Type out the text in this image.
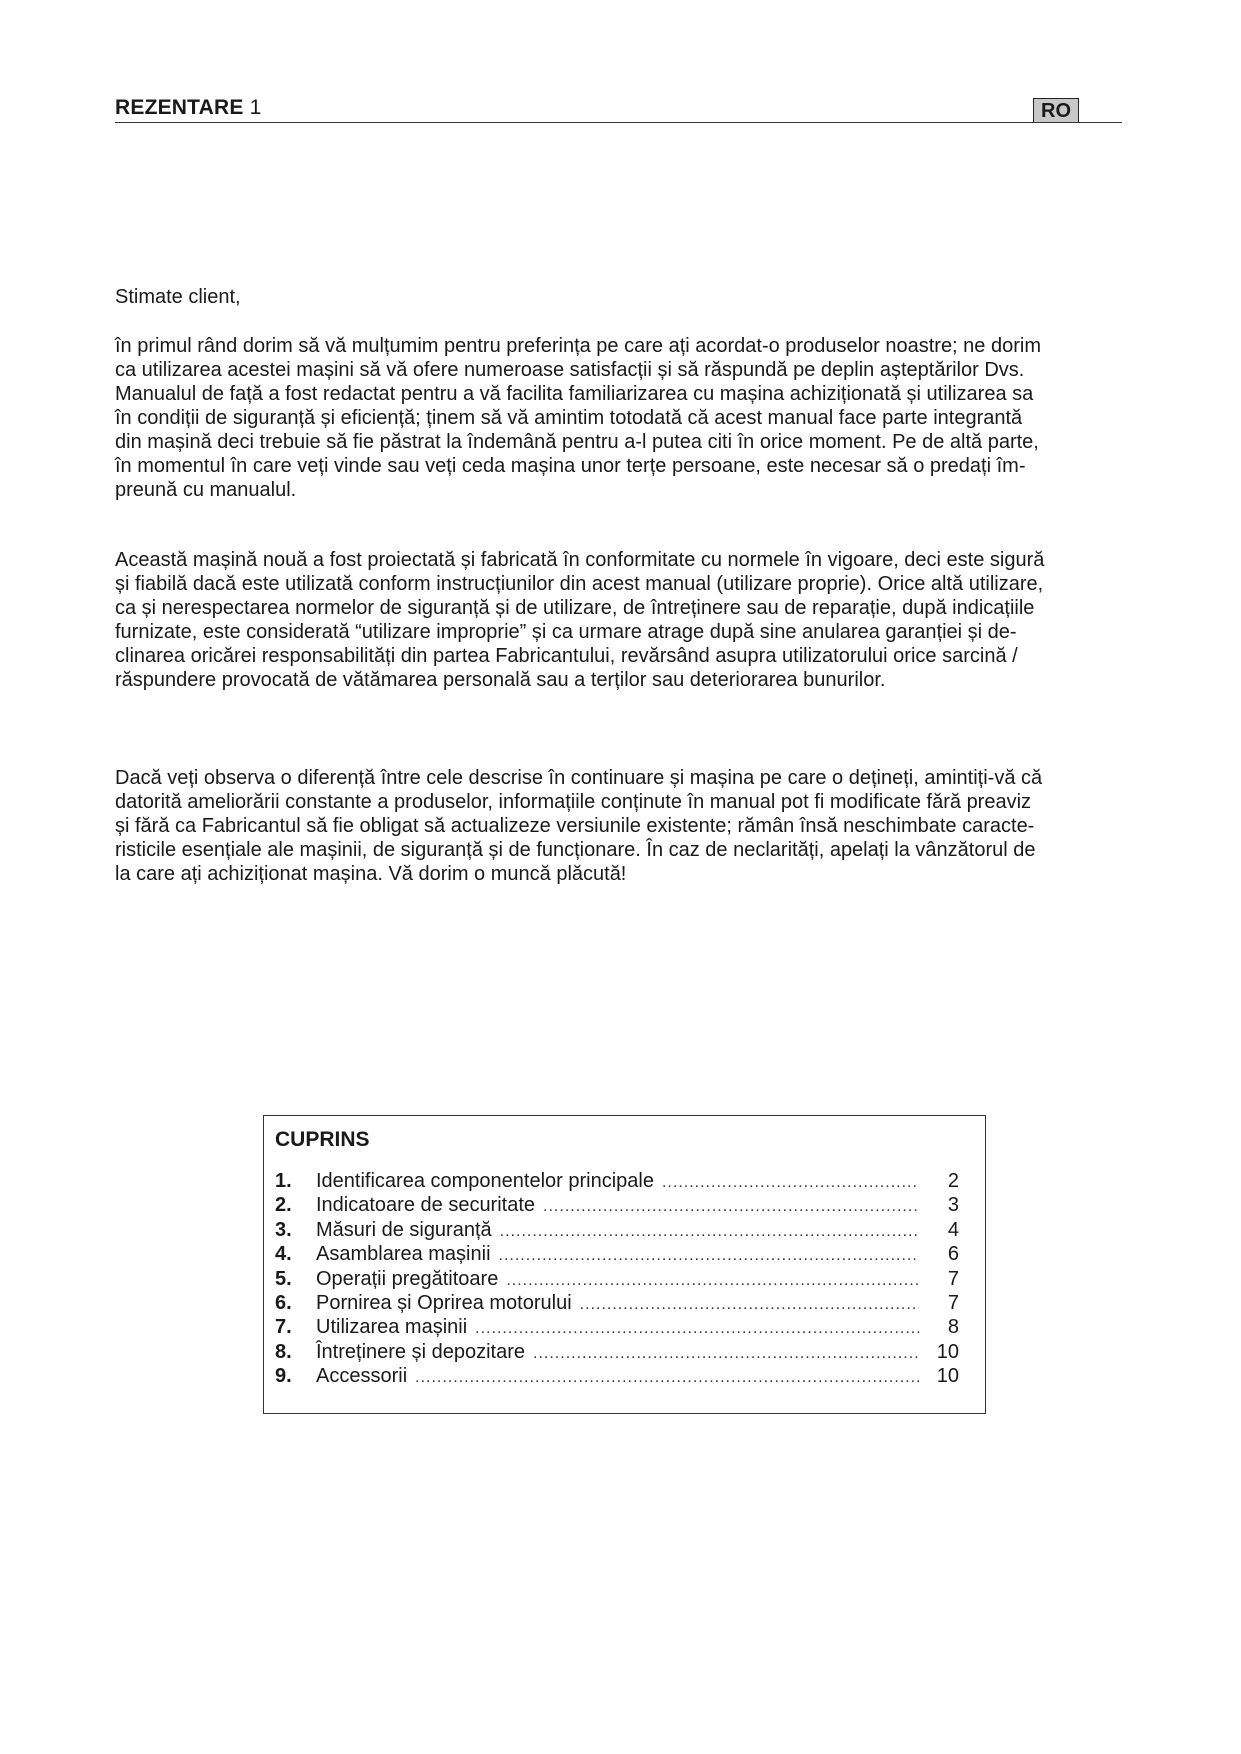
REZENTARE 1	RO
Stimate client,
în primul rând dorim să vă mulțumim pentru preferința pe care ați acordat-o produselor noastre; ne dorim
ca utilizarea acestei mașini să vă ofere numeroase satisfacții și să răspundă pe deplin așteptărilor Dvs.
Manualul de față a fost redactat pentru a vă facilita familiarizarea cu mașina achiziționată și utilizarea sa
în condiții de siguranță și eficiență; ținem să vă amintim totodată că acest manual face parte integrantă
din mașină deci trebuie să fie păstrat la îndemână pentru a-l putea citi în orice moment. Pe de altă parte,
în momentul în care veți vinde sau veți ceda mașina unor terțe persoane, este necesar să o predați îm-
preună cu manualul.
Această mașină nouă a fost proiectată și fabricată în conformitate cu normele în vigoare, deci este sigură
și fiabilă dacă este utilizată conform instrucțiunilor din acest manual (utilizare proprie). Orice altă utilizare,
ca și nerespectarea normelor de siguranță și de utilizare, de întreținere sau de reparație, după indicațiile
furnizate, este considerată “utilizare improprie” și ca urmare atrage după sine anularea garanției și de-
clinarea oricărei responsabilități din partea Fabricantului, revărsând asupra utilizatorului orice sarcină /
răspundere provocată de vătămarea personală sau a terților sau deteriorarea bunurilor.
Dacă veți observa o diferență între cele descrise în continuare și mașina pe care o dețineți, amintiți-vă că
datorită ameliorării constante a produselor, informațiile conținute în manual pot fi modificate fără preaviz
și fără ca Fabricantul să fie obligat să actualizeze versiunile existente; rămân însă neschimbate caracte-
risticile esențiale ale mașinii, de siguranță și de funcționare. În caz de neclarități, apelați la vânzătorul de
la care ați achiziționat mașina. Vă dorim o muncă plăcută!
CUPRINS
1.	Identificarea componentelor principale .....	2
2.	Indicatoare de securitate .....	3
3.	Măsuri de siguranță .....	4
4.	Asamblarea mașinii .....	6
5.	Operații pregătitoare .....	7
6.	Pornirea și Oprirea motorului .....	7
7.	Utilizarea mașinii .....	8
8.	Întreținere și depozitare .....	10
9.	Accessorii .....	10
